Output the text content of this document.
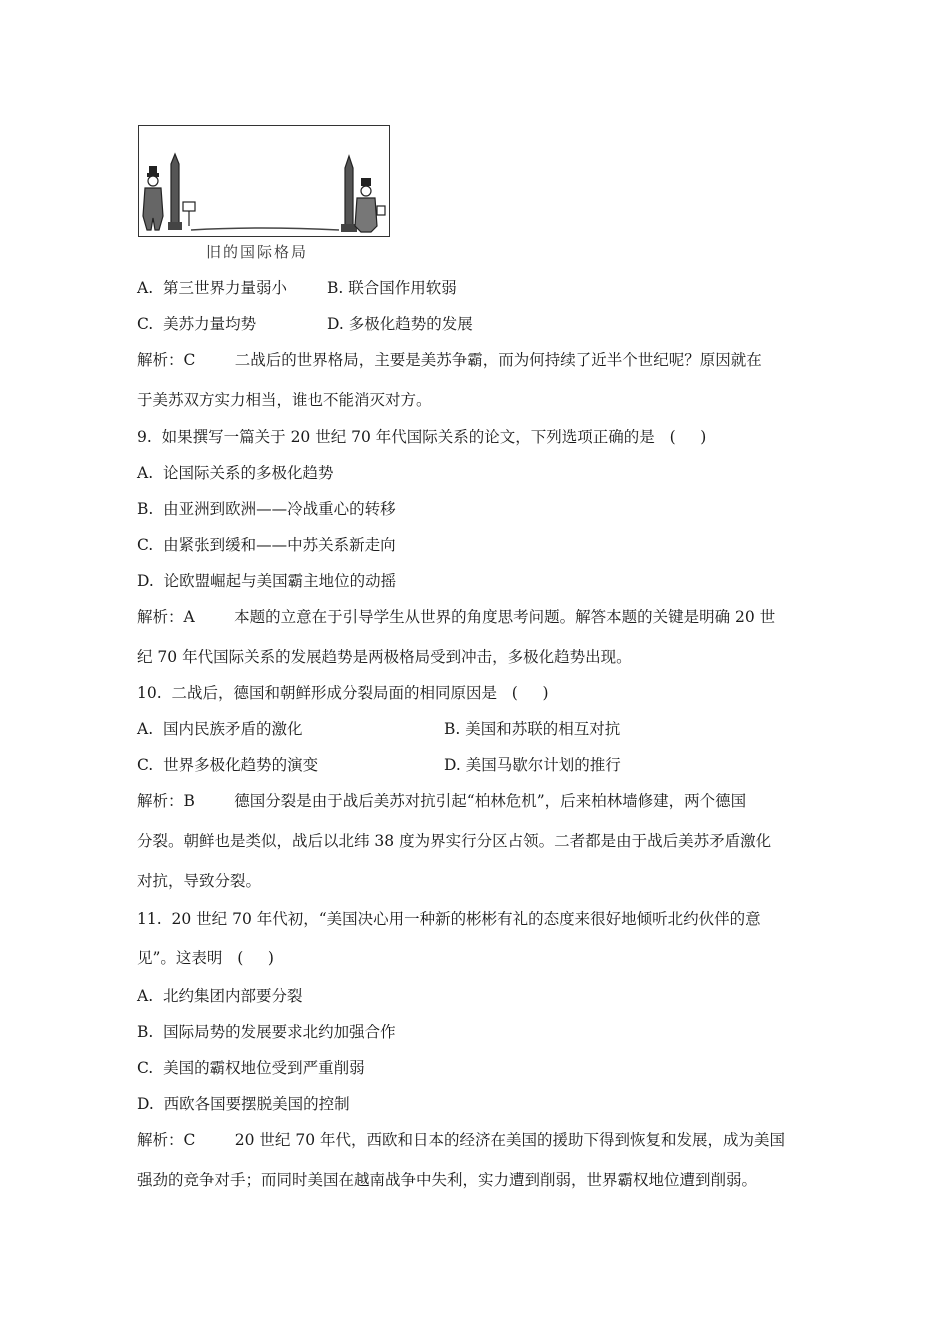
旧的国际格局
A.  第三世界力量弱小	B. 联合国作用软弱
C.  美苏力量均势	D. 多极化趋势的发展
解析：C        二战后的世界格局，主要是美苏争霸，而为何持续了近半个世纪呢？原因就在
于美苏双方实力相当，谁也不能消灭对方。
9.  如果撰写一篇关于 20 世纪 70 年代国际关系的论文，下列选项正确的是   (     )
A.  论国际关系的多极化趋势
B.  由亚洲到欧洲——冷战重心的转移
C.  由紧张到缓和——中苏关系新走向
D.  论欧盟崛起与美国霸主地位的动摇
解析：A        本题的立意在于引导学生从世界的角度思考问题。解答本题的关键是明确 20 世
纪 70 年代国际关系的发展趋势是两极格局受到冲击，多极化趋势出现。
10.  二战后，德国和朝鲜形成分裂局面的相同原因是   (     )
A.  国内民族矛盾的激化	B. 美国和苏联的相互对抗
C.  世界多极化趋势的演变	D. 美国马歇尔计划的推行
解析：B        德国分裂是由于战后美苏对抗引起“柏林危机”，后来柏林墙修建，两个德国
分裂。朝鲜也是类似，战后以北纬 38 度为界实行分区占领。二者都是由于战后美苏矛盾激化
对抗，导致分裂。
11.  20 世纪 70 年代初，“美国决心用一种新的彬彬有礼的态度来很好地倾听北约伙伴的意
见”。这表明   (     )
A.  北约集团内部要分裂
B.  国际局势的发展要求北约加强合作
C.  美国的霸权地位受到严重削弱
D.  西欧各国要摆脱美国的控制
解析：C        20 世纪 70 年代，西欧和日本的经济在美国的援助下得到恢复和发展，成为美国
强劲的竞争对手；而同时美国在越南战争中失利，实力遭到削弱，世界霸权地位遭到削弱。
